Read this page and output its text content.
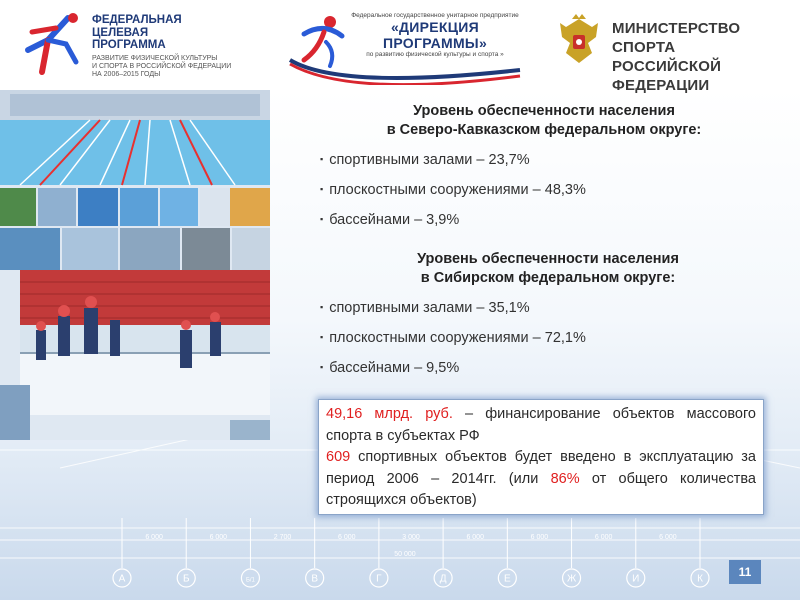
6 000	6 000	2 700	6 000	3 000	6 000	6 000	6 000	6 000
50 000
А	Б	Б/1	В	Г	Д	Е	Ж	И	К
ФЕДЕРАЛЬНАЯ
ЦЕЛЕВАЯ
ПРОГРАММА
РАЗВИТИЕ ФИЗИЧЕСКОЙ КУЛЬТУРЫ
И СПОРТА В РОССИЙСКОЙ ФЕДЕРАЦИИ
НА 2006–2015 ГОДЫ
Федеральное государственное унитарное предприятие
«ДИРЕКЦИЯ ПРОГРАММЫ»
по развитию физической культуры и спорта »
МИНИСТЕРСТВО СПОРТА
РОССИЙСКОЙ ФЕДЕРАЦИИ
Уровень обеспеченности населения
в Северо-Кавказском федеральном округе:
▪ спортивными залами – 23,7%
▪ плоскостными сооружениями – 48,3%
▪ бассейнами – 3,9%
Уровень обеспеченности населения
в Сибирском федеральном округе:
▪ спортивными залами – 35,1%
▪ плоскостными сооружениями – 72,1%
▪ бассейнами – 9,5%
49,16 млрд. руб. – финансирование объектов массового спорта в субъектах РФ
609 спортивных объектов будет введено в эксплуатацию за период 2006 – 2014гг. (или 86% от общего количества строящихся объектов)
11
